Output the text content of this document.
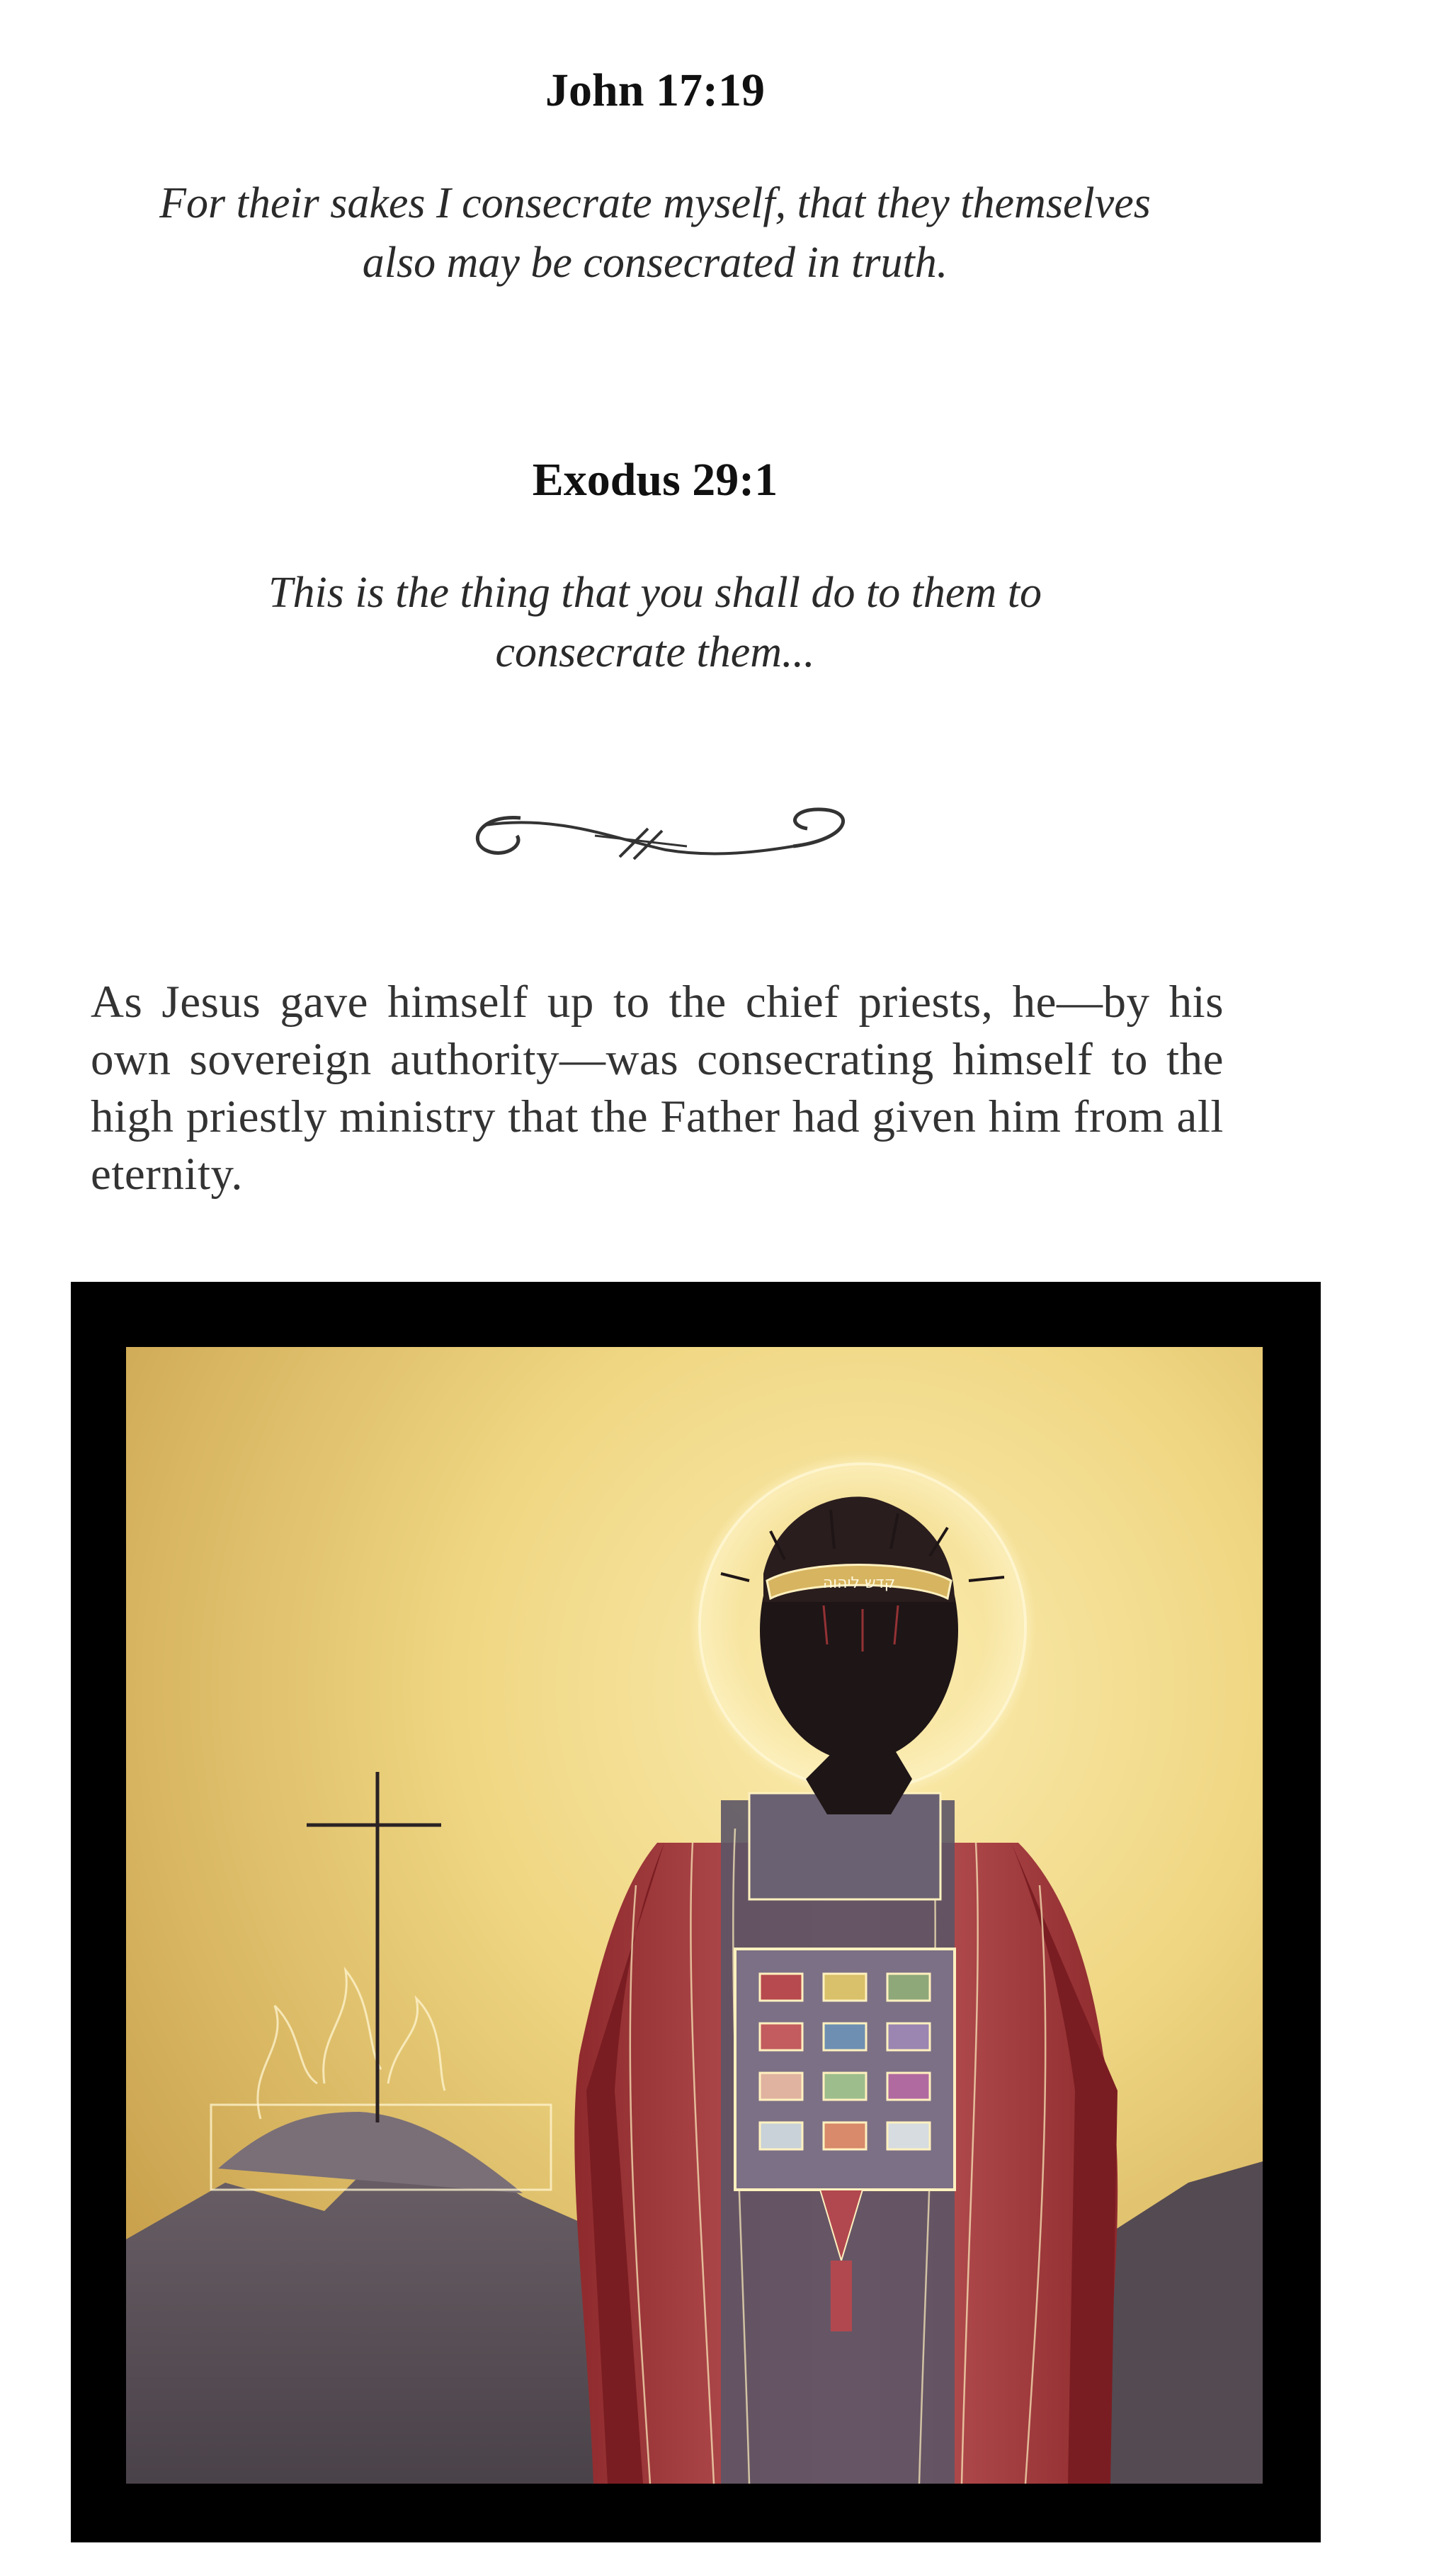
John 17:19
For their sakes I consecrate myself, that they themselves
also may be consecrated in truth.
Exodus 29:1
This is the thing that you shall do to them to
consecrate them...
As Jesus gave himself up to the chief priests, he—by his own sovereign authority—was consecrating himself to the high priestly ministry that the Father had given him from all eternity.
קדש ליהוה
